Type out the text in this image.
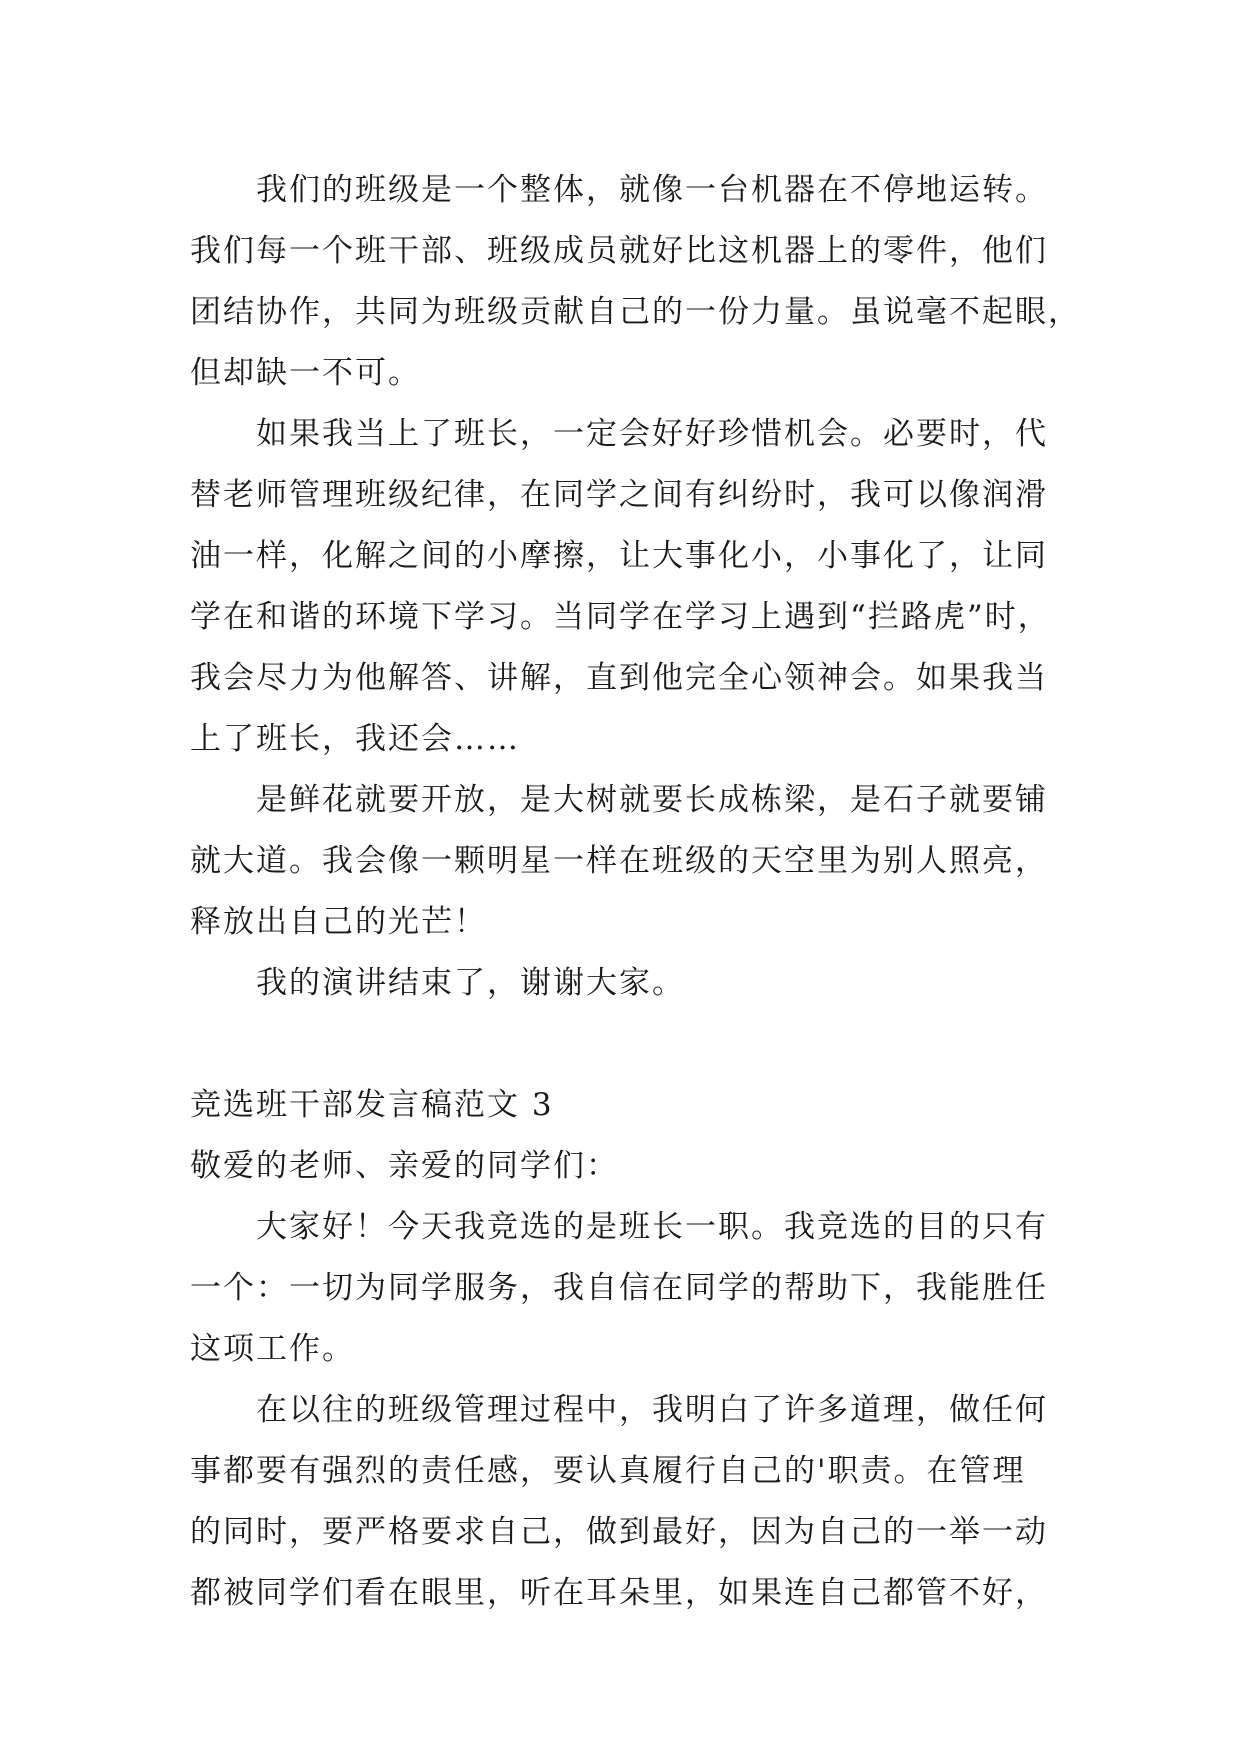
我们的班级是一个整体，就像一台机器在不停地运转。
我们每一个班干部、班级成员就好比这机器上的零件，他们
团结协作，共同为班级贡献自己的一份力量。虽说毫不起眼，
但却缺一不可。
如果我当上了班长，一定会好好珍惜机会。必要时，代
替老师管理班级纪律，在同学之间有纠纷时，我可以像润滑
油一样，化解之间的小摩擦，让大事化小，小事化了，让同
学在和谐的环境下学习。当同学在学习上遇到“拦路虎”时，
我会尽力为他解答、讲解，直到他完全心领神会。如果我当
上了班长，我还会……
是鲜花就要开放，是大树就要长成栋梁，是石子就要铺
就大道。我会像一颗明星一样在班级的天空里为别人照亮，
释放出自己的光芒！
我的演讲结束了，谢谢大家。
竞选班干部发言稿范文 3
敬爱的老师、亲爱的同学们：
大家好！今天我竞选的是班长一职。我竞选的目的只有
一个：一切为同学服务，我自信在同学的帮助下，我能胜任
这项工作。
在以往的班级管理过程中，我明白了许多道理，做任何
事都要有强烈的责任感，要认真履行自己的'职责。在管理
的同时，要严格要求自己，做到最好，因为自己的一举一动
都被同学们看在眼里，听在耳朵里，如果连自己都管不好，
